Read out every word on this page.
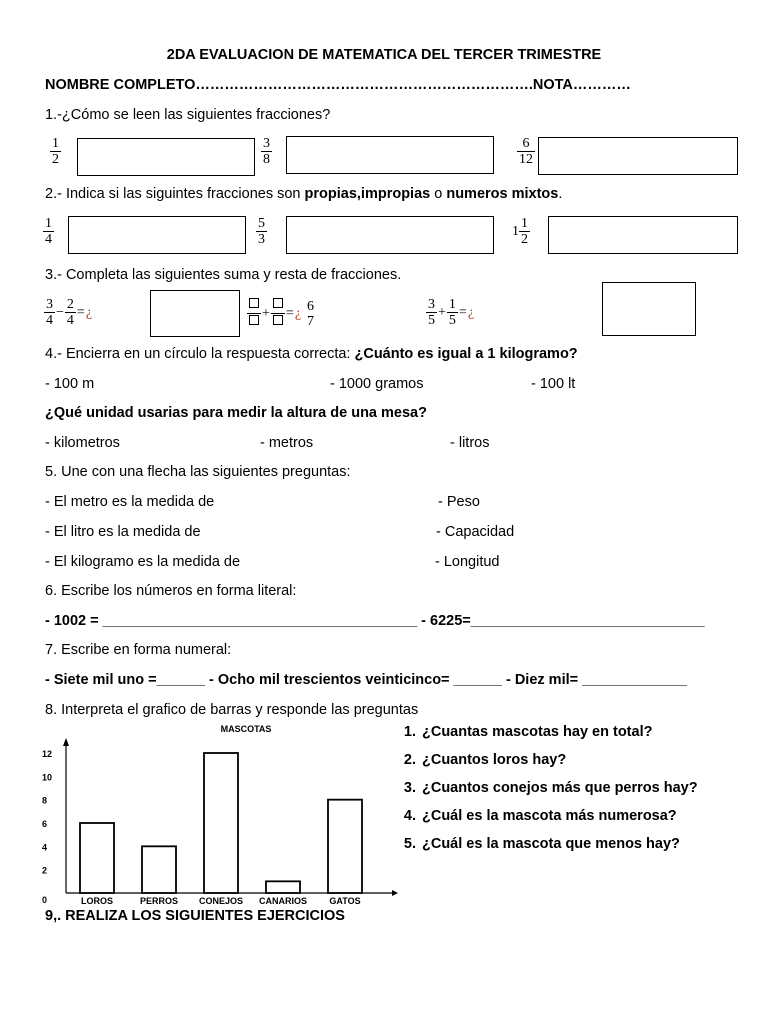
2DA EVALUACION DE MATEMATICA DEL TERCER TRIMESTRE
NOMBRE COMPLETO…………………………………………………………….NOTA…………
1.-¿Cómo se leen las siguientes fracciones?
$\frac{1}{2}$	$\frac{3}{8}$	$\frac{6}{12}$
2.- Indica si las siguintes fracciones son propias,impropias o numeros mixtos.
$\frac{1}{4}$	$\frac{5}{3}$	$1 \frac{1}{2}$
3.- Completa las siguientes suma y resta de fracciones.
$\frac{3}{4} - \frac{2}{4}$ = ¿	+ = ¿ 6
7	$\frac{3}{5} + \frac{1}{5}$ = ¿
4.- Encierra en un círculo la respuesta correcta: ¿Cuánto es igual a 1 kilogramo?
- 100 m	- 1000 gramos	- 100 lt
¿Qué unidad usarias para medir la altura de una mesa?
- kilometros	- metros	- litros
5. Une con una flecha las siguientes preguntas:
- El metro es la medida de	- Peso
- El litro es la medida de	- Capacidad
- El kilogramo es la medida de	- Longitud
6. Escribe los números en forma literal:
- 1002 = _______________________________________ - 6225=_____________________________
7. Escribe en forma numeral:
- Siete mil uno =______ - Ocho mil trescientos veinticinco= ______ - Diez mil= _____________
8. Interpreta el grafico de barras y responde las preguntas
MASCOTAS
0
2
4
6
8
10
12
LOROS	PERROS CONEJOS CANARIOS GATOS
1. ¿Cuantas mascotas hay en total?
2. ¿Cuantos loros hay?
3. ¿Cuantos conejos más que perros hay?
4. ¿Cuál es la mascota más numerosa?
5. ¿Cuál es la mascota que menos hay?
9,. REALIZA LOS SIGUIENTES EJERCICIOS
